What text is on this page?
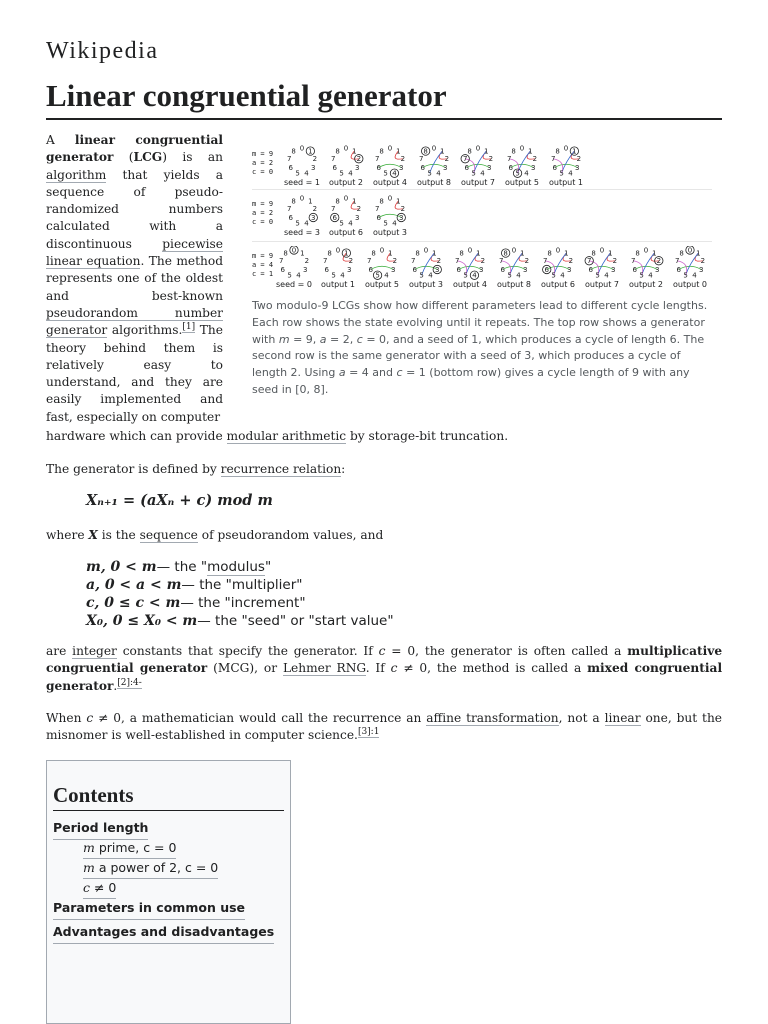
Wikipedia
Linear congruential generator
A linear congruential generator (LCG) is an algorithm that yields a sequence of pseudo-randomized numbers calculated with a discontinuous piecewise linear equation. The method represents one of the oldest and best-known pseudorandom number generator algorithms.[1] The theory behind them is relatively easy to understand, and they are easily implemented and fast, especially on computer
hardware which can provide modular arithmetic by storage-bit truncation.
m = 9
a = 2
c = 0
0 1
2
3
4
5
6
7
8
seed = 1
0 1
2
3
4
5
6
7
8
output 2
0 1
2
3
4
5
6
7
8
output 4
0 1
2
3
4
5
6
7
8
output 8
0 1
2
3
4
5
6
7
8
output 7
0 1
2
3
4
5
6
7
8
output 5
0 1
2
3
4
5
6
7
8
output 1
m = 9
a = 2
c = 0
0 1
2
3
4
5
6
7
8
seed = 3
0 1
2
3
4
5
6
7
8
output 6
0 1
2
3
4
5
6
7
8
output 3
m = 9
a = 4
c = 1
0 1
2
3
4
5
6
7
8
seed = 0
0 1
2
3
4
5
6
7
8
output 1
0 1
2
3
4
5
6
7
8
output 5
0 1
2
3
4
5
6
7
8
output 3
0 1
2
3
4
5
6
7
8
output 4
0 1
2
3
4
5
6
7
8
output 8
0 1
2
3
4
5
6
7
8
output 6
0 1
2
3
4
5
6
7
8
output 7
0 1
2
3
4
5
6
7
8
output 2
0 1
2
3
4
5
6
7
8
output 0
Two modulo-9 LCGs show how different parameters lead to different cycle lengths. Each row shows the state evolving until it repeats. The top row shows a generator with m = 9, a = 2, c = 0, and a seed of 1, which produces a cycle of length 6. The second row is the same generator with a seed of 3, which produces a cycle of length 2. Using a = 4 and c = 1 (bottom row) gives a cycle length of 9 with any seed in [0, 8].

The generator is defined by recurrence relation:

Xₙ₊₁ = (aXₙ + c) mod m

where X is the sequence of pseudorandom values, and

m, 0 < m— the "modulus"
a, 0 < a < m— the "multiplier"
c, 0 ≤ c < m— the "increment"
X₀, 0 ≤ X₀ < m— the "seed" or "start value"

are integer constants that specify the generator. If c = 0, the generator is often called a multiplicative congruential generator (MCG), or Lehmer RNG. If c ≠ 0, the method is called a mixed congruential generator.$^{[2]:4-}$

When c ≠ 0, a mathematician would call the recurrence an affine transformation, not a linear one, but the misnomer is well-established in computer science.$^{[3]:1}$

Contents
Period length
m prime, c = 0
m a power of 2, c = 0
c ≠ 0
Parameters in common use
Advantages and disadvantages
